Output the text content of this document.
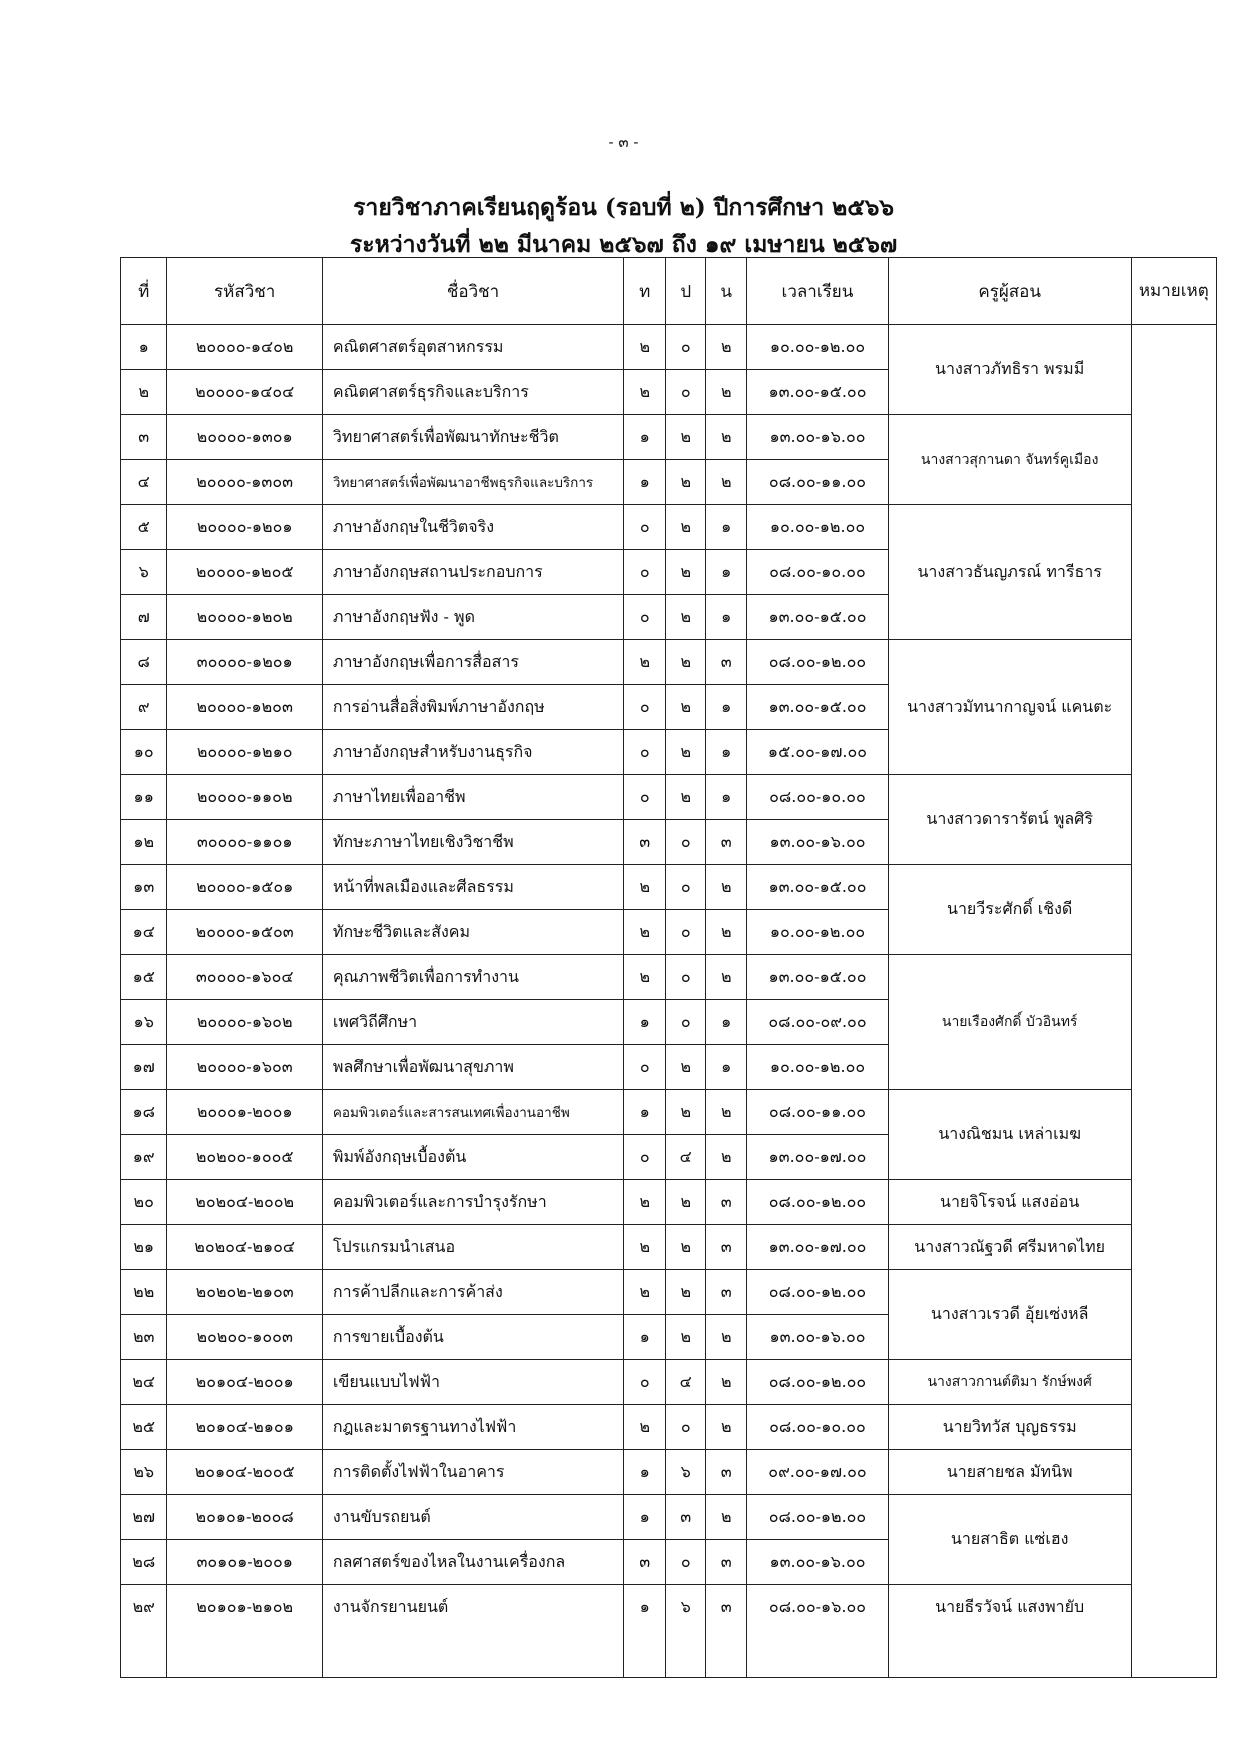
- ๓ -
รายวิชาภาคเรียนฤดูร้อน (รอบที่ ๒) ปีการศึกษา ๒๕๖๖
ระหว่างวันที่ ๒๒ มีนาคม ๒๕๖๗ ถึง ๑๙ เมษายน ๒๕๖๗
ที่	รหัสวิชา	ชื่อวิชา	ท	ป	น	เวลาเรียน	ครูผู้สอน	หมายเหตุ
๑	๒๐๐๐๐-๑๔๐๒	คณิตศาสตร์อุตสาหกรรม	๒	๐	๒	๑๐.๐๐-๑๒.๐๐	นางสาวภัทธิรา พรมมี	
๒	๒๐๐๐๐-๑๔๐๔	คณิตศาสตร์ธุรกิจและบริการ	๒	๐	๒	๑๓.๐๐-๑๕.๐๐		
๓	๒๐๐๐๐-๑๓๐๑	วิทยาศาสตร์เพื่อพัฒนาทักษะชีวิต	๑	๒	๒	๑๓.๐๐-๑๖.๐๐	นางสาวสุกานดา จันทร์คูเมือง	
๔	๒๐๐๐๐-๑๓๐๓	วิทยาศาสตร์เพื่อพัฒนาอาชีพธุรกิจและบริการ	๑	๒	๒	๐๘.๐๐-๑๑.๐๐		
๕	๒๐๐๐๐-๑๒๐๑	ภาษาอังกฤษในชีวิตจริง	๐	๒	๑	๑๐.๐๐-๑๒.๐๐	นางสาวธันญภรณ์ ทารีธาร	
๖	๒๐๐๐๐-๑๒๐๕	ภาษาอังกฤษสถานประกอบการ	๐	๒	๑	๐๘.๐๐-๑๐.๐๐		
๗	๒๐๐๐๐-๑๒๐๒	ภาษาอังกฤษฟัง - พูด	๐	๒	๑	๑๓.๐๐-๑๕.๐๐		
๘	๓๐๐๐๐-๑๒๐๑	ภาษาอังกฤษเพื่อการสื่อสาร	๒	๒	๓	๐๘.๐๐-๑๒.๐๐	นางสาวมัทนากาญจน์ แคนตะ	
๙	๒๐๐๐๐-๑๒๐๓	การอ่านสื่อสิ่งพิมพ์ภาษาอังกฤษ	๐	๒	๑	๑๓.๐๐-๑๕.๐๐		
๑๐	๒๐๐๐๐-๑๒๑๐	ภาษาอังกฤษสำหรับงานธุรกิจ	๐	๒	๑	๑๕.๐๐-๑๗.๐๐		
๑๑	๒๐๐๐๐-๑๑๐๒	ภาษาไทยเพื่ออาชีพ	๐	๒	๑	๐๘.๐๐-๑๐.๐๐	นางสาวดารารัตน์ พูลศิริ	
๑๒	๓๐๐๐๐-๑๑๐๑	ทักษะภาษาไทยเชิงวิชาชีพ	๓	๐	๓	๑๓.๐๐-๑๖.๐๐		
๑๓	๒๐๐๐๐-๑๕๐๑	หน้าที่พลเมืองและศีลธรรม	๒	๐	๒	๑๓.๐๐-๑๕.๐๐	นายวีระศักดิ์ เชิงดี	
๑๔	๒๐๐๐๐-๑๕๐๓	ทักษะชีวิตและสังคม	๒	๐	๒	๑๐.๐๐-๑๒.๐๐		
๑๕	๓๐๐๐๐-๑๖๐๔	คุณภาพชีวิตเพื่อการทำงาน	๒	๐	๒	๑๓.๐๐-๑๕.๐๐	นายเรืองศักดิ์ บัวอินทร์	
๑๖	๒๐๐๐๐-๑๖๐๒	เพศวิถีศึกษา	๑	๐	๑	๐๘.๐๐-๐๙.๐๐		
๑๗	๒๐๐๐๐-๑๖๐๓	พลศึกษาเพื่อพัฒนาสุขภาพ	๐	๒	๑	๑๐.๐๐-๑๒.๐๐		
๑๘	๒๐๐๐๑-๒๐๐๑	คอมพิวเตอร์และสารสนเทศเพื่องานอาชีพ	๑	๒	๒	๐๘.๐๐-๑๑.๐๐	นางณิชมน เหล่าเมฆ	
๑๙	๒๐๒๐๐-๑๐๐๕	พิมพ์อังกฤษเบื้องต้น	๐	๔	๒	๑๓.๐๐-๑๗.๐๐		
๒๐	๒๐๒๐๔-๒๐๐๒	คอมพิวเตอร์และการบำรุงรักษา	๒	๒	๓	๐๘.๐๐-๑๒.๐๐	นายจิโรจน์ แสงอ่อน	
๒๑	๒๐๒๐๔-๒๑๐๔	โปรแกรมนำเสนอ	๒	๒	๓	๑๓.๐๐-๑๗.๐๐	นางสาวณัฐวดี ศรีมหาดไทย	
๒๒	๒๐๒๐๒-๒๑๐๓	การค้าปลีกและการค้าส่ง	๒	๒	๓	๐๘.๐๐-๑๒.๐๐	นางสาวเรวดี อุ้ยเซ่งหลี	
๒๓	๒๐๒๐๐-๑๐๐๓	การขายเบื้องต้น	๑	๒	๒	๑๓.๐๐-๑๖.๐๐		
๒๔	๒๐๑๐๔-๒๐๐๑	เขียนแบบไฟฟ้า	๐	๔	๒	๐๘.๐๐-๑๒.๐๐	นางสาวกานต์ติมา รักษ์พงศ์	
๒๕	๒๐๑๐๔-๒๑๐๑	กฎและมาตรฐานทางไฟฟ้า	๒	๐	๒	๐๘.๐๐-๑๐.๐๐	นายวิทวัส บุญธรรม	
๒๖	๒๐๑๐๔-๒๐๐๕	การติดตั้งไฟฟ้าในอาคาร	๑	๖	๓	๐๙.๐๐-๑๗.๐๐	นายสายชล มัทนิพ	
๒๗	๒๐๑๐๑-๒๐๐๘	งานขับรถยนต์	๑	๓	๒	๐๘.๐๐-๑๒.๐๐	นายสาธิต แซ่เฮง	
๒๘	๓๐๑๐๑-๒๐๐๑	กลศาสตร์ของไหลในงานเครื่องกล	๓	๐	๓	๑๓.๐๐-๑๖.๐๐		
๒๙	๒๐๑๐๑-๒๑๐๒	งานจักรยานยนต์	๑	๖	๓	๐๘.๐๐-๑๖.๐๐	นายธีรวัจน์ แสงพายับ	
